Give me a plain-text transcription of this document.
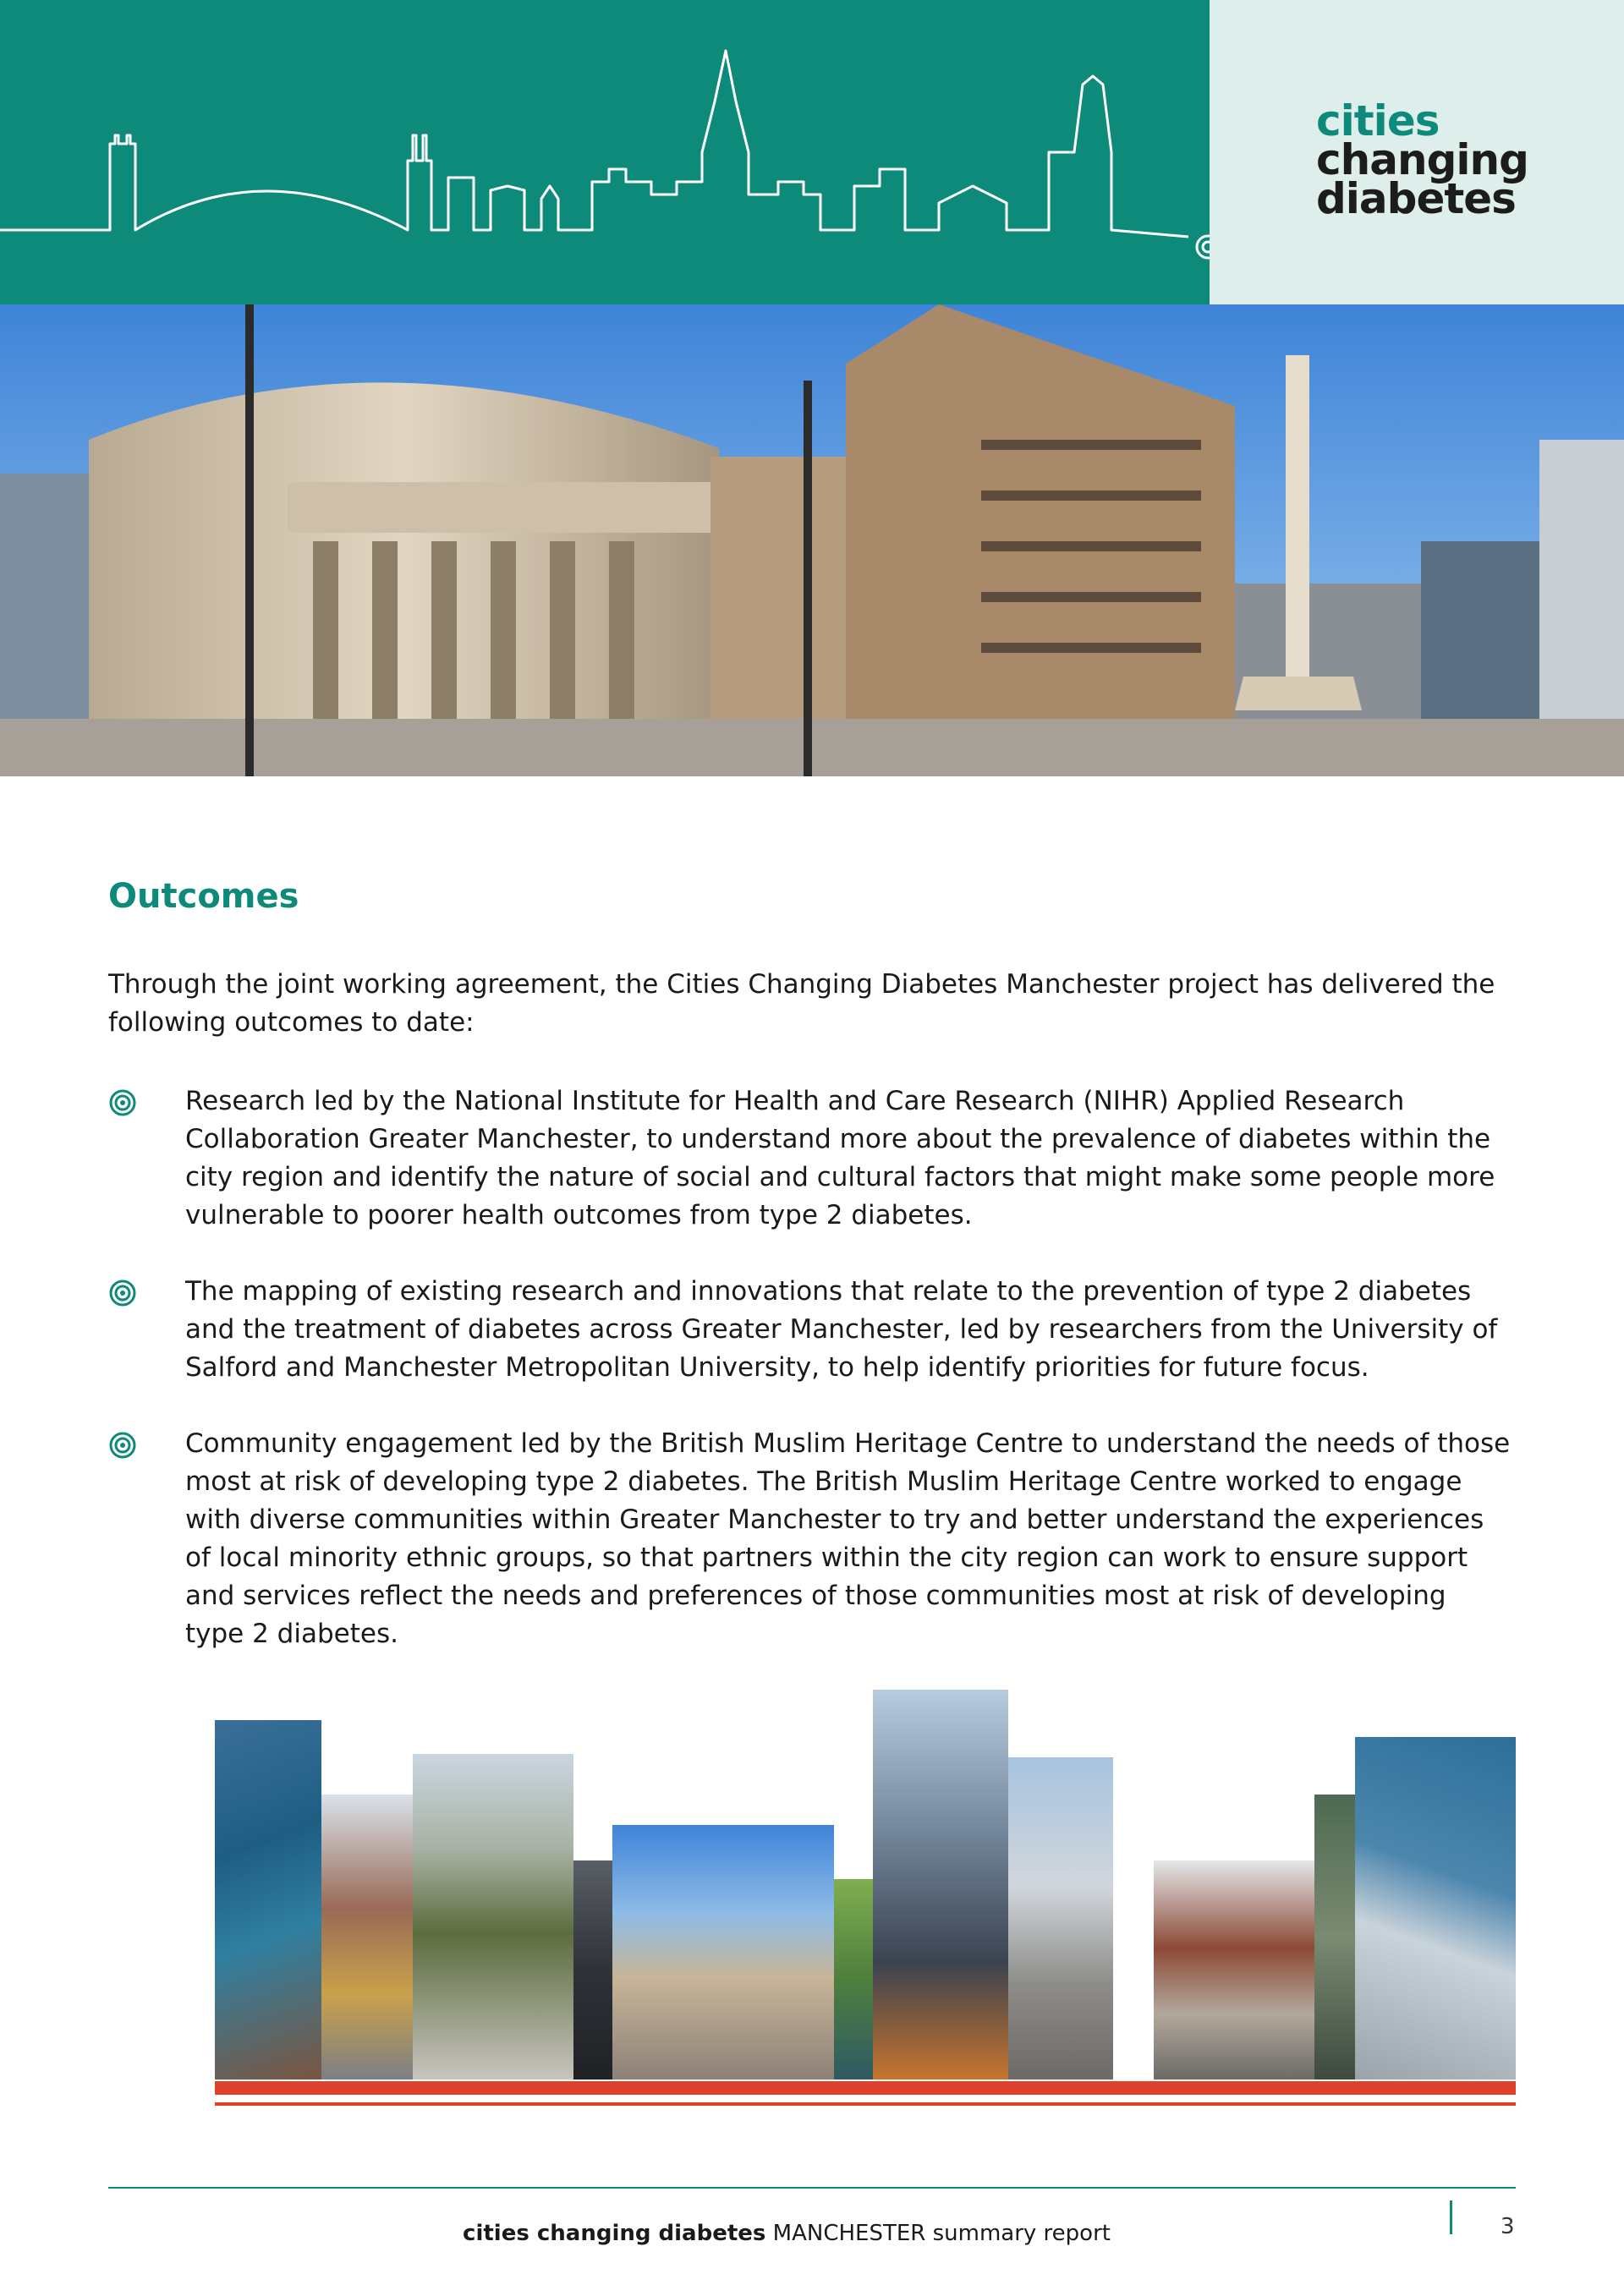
cities
changing
diabetes
Outcomes

Through the joint working agreement, the Cities Changing Diabetes Manchester project has delivered the following outcomes to date:

Research led by the National Institute for Health and Care Research (NIHR) Applied Research Collaboration Greater Manchester, to understand more about the prevalence of diabetes within the city region and identify the nature of social and cultural factors that might make some people more vulnerable to poorer health outcomes from type 2 diabetes.
The mapping of existing research and innovations that relate to the prevention of type 2 diabetes and the treatment of diabetes across Greater Manchester, led by researchers from the University of Salford and Manchester Metropolitan University, to help identify priorities for future focus.
Community engagement led by the British Muslim Heritage Centre to understand the needs of those most at risk of developing type 2 diabetes. The British Muslim Heritage Centre worked to engage with diverse communities within Greater Manchester to try and better understand the experiences of local minority ethnic groups, so that partners within the city region can work to ensure support and services reflect the needs and preferences of those communities most at risk of developing type 2 diabetes.
cities changing diabetes MANCHESTER summary report	3
